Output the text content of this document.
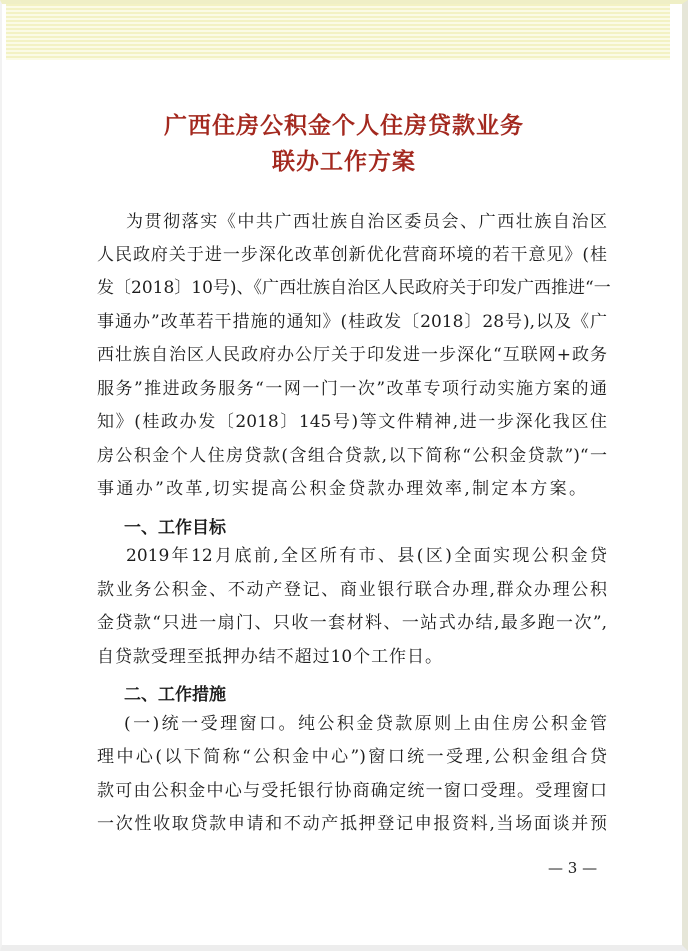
广西住房公积金个人住房贷款业务
联办工作方案
为贯彻落实《中共广西壮族自治区委员会、广西壮族自治区
人民政府关于进一步深化改革创新优化营商环境的若干意见》(桂
发〔2018〕10号)、《广西壮族自治区人民政府关于印发广西推进“一
事通办”改革若干措施的通知》(桂政发〔2018〕28号),以及《广
西壮族自治区人民政府办公厅关于印发进一步深化“互联网+政务
服务”推进政务服务“一网一门一次”改革专项行动实施方案的通
知》(桂政办发〔2018〕145号)等文件精神,进一步深化我区住
房公积金个人住房贷款(含组合贷款,以下简称“公积金贷款”)“一
事通办”改革,切实提高公积金贷款办理效率,制定本方案。
一、工作目标
2019年12月底前,全区所有市、县(区)全面实现公积金贷
款业务公积金、不动产登记、商业银行联合办理,群众办理公积
金贷款“只进一扇门、只收一套材料、一站式办结,最多跑一次”,
自贷款受理至抵押办结不超过10个工作日。
二、工作措施
(一)统一受理窗口。纯公积金贷款原则上由住房公积金管
理中心(以下简称“公积金中心”)窗口统一受理,公积金组合贷
款可由公积金中心与受托银行协商确定统一窗口受理。受理窗口
一次性收取贷款申请和不动产抵押登记申报资料,当场面谈并预
— 3 —
